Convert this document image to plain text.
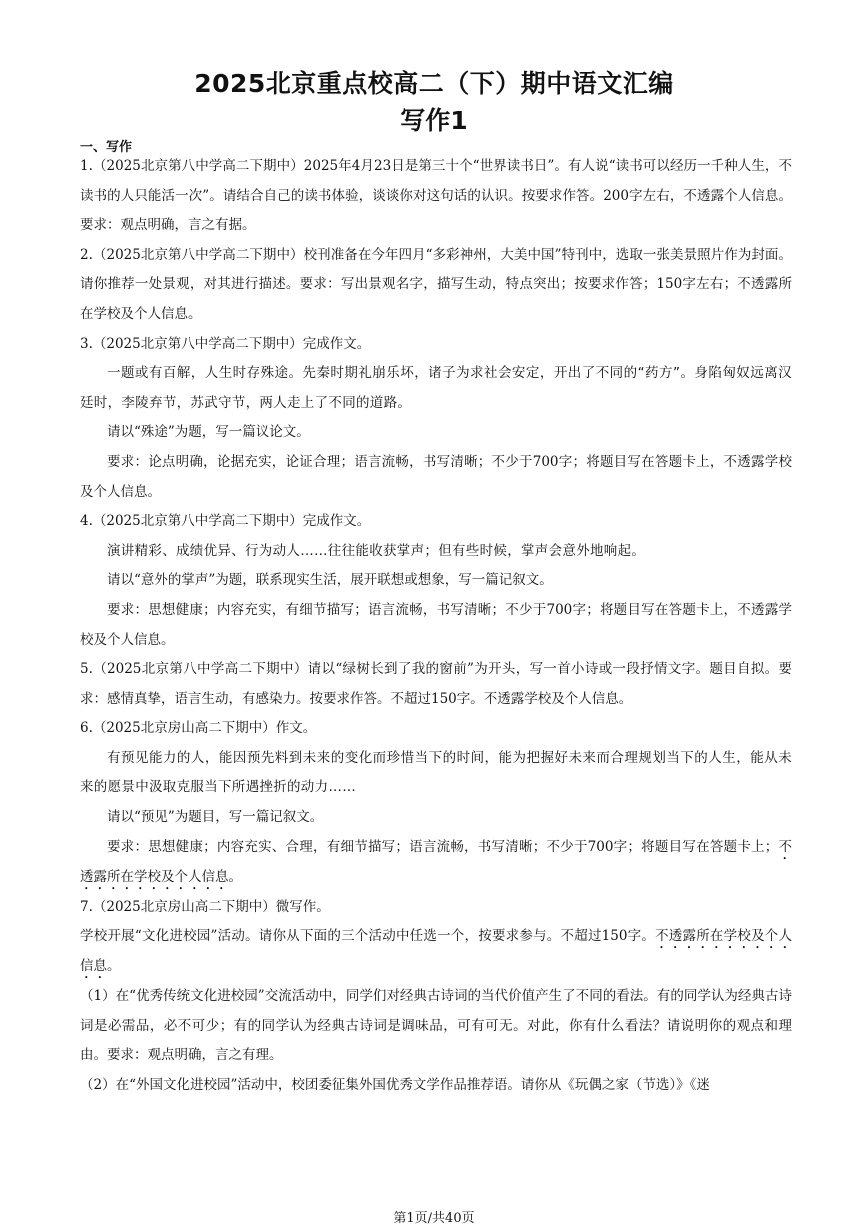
2025北京重点校高二（下）期中语文汇编
写作1
一、写作

1.（2025北京第八中学高二下期中）2025年4月23日是第三十个“世界读书日”。有人说“读书可以经历一千种人生，不读书的人只能活一次”。请结合自己的读书体验，谈谈你对这句话的认识。按要求作答。200字左右，不透露个人信息。要求：观点明确，言之有据。

2.（2025北京第八中学高二下期中）校刊准备在今年四月“多彩神州，大美中国”特刊中，选取一张美景照片作为封面。请你推荐一处景观，对其进行描述。要求：写出景观名字，描写生动，特点突出；按要求作答；150字左右；不透露所在学校及个人信息。

3.（2025北京第八中学高二下期中）完成作文。

一题或有百解，人生时存殊途。先秦时期礼崩乐坏，诸子为求社会安定，开出了不同的“药方”。身陷匈奴远离汉廷时，李陵弃节，苏武守节，两人走上了不同的道路。

请以“殊途”为题，写一篇议论文。

要求：论点明确，论据充实，论证合理；语言流畅，书写清晰；不少于700字；将题目写在答题卡上，不透露学校及个人信息。

4.（2025北京第八中学高二下期中）完成作文。

演讲精彩、成绩优异、行为动人……往往能收获掌声；但有些时候，掌声会意外地响起。

请以“意外的掌声”为题，联系现实生活，展开联想或想象，写一篇记叙文。

要求：思想健康；内容充实，有细节描写；语言流畅，书写清晰；不少于700字；将题目写在答题卡上，不透露学校及个人信息。

5.（2025北京第八中学高二下期中）请以“绿树长到了我的窗前”为开头，写一首小诗或一段抒情文字。题目自拟。要求：感情真挚，语言生动，有感染力。按要求作答。不超过150字。不透露学校及个人信息。

6.（2025北京房山高二下期中）作文。

有预见能力的人，能因预先料到未来的变化而珍惜当下的时间，能为把握好未来而合理规划当下的人生，能从未来的愿景中汲取克服当下所遇挫折的动力……

请以“预见”为题目，写一篇记叙文。

要求：思想健康；内容充实、合理，有细节描写；语言流畅，书写清晰；不少于700字；将题目写在答题卡上；不透露所在学校及个人信息。

7.（2025北京房山高二下期中）微写作。

学校开展“文化进校园”活动。请你从下面的三个活动中任选一个，按要求参与。不超过150字。不透露所在学校及个人信息。

（1）在“优秀传统文化进校园”交流活动中，同学们对经典古诗词的当代价值产生了不同的看法。有的同学认为经典古诗词是必需品，必不可少；有的同学认为经典古诗词是调味品，可有可无。对此，你有什么看法？请说明你的观点和理由。要求：观点明确，言之有理。

（2）在“外国文化进校园”活动中，校团委征集外国优秀文学作品推荐语。请你从《玩偶之家（节选）》《迷

第1页/共40页
